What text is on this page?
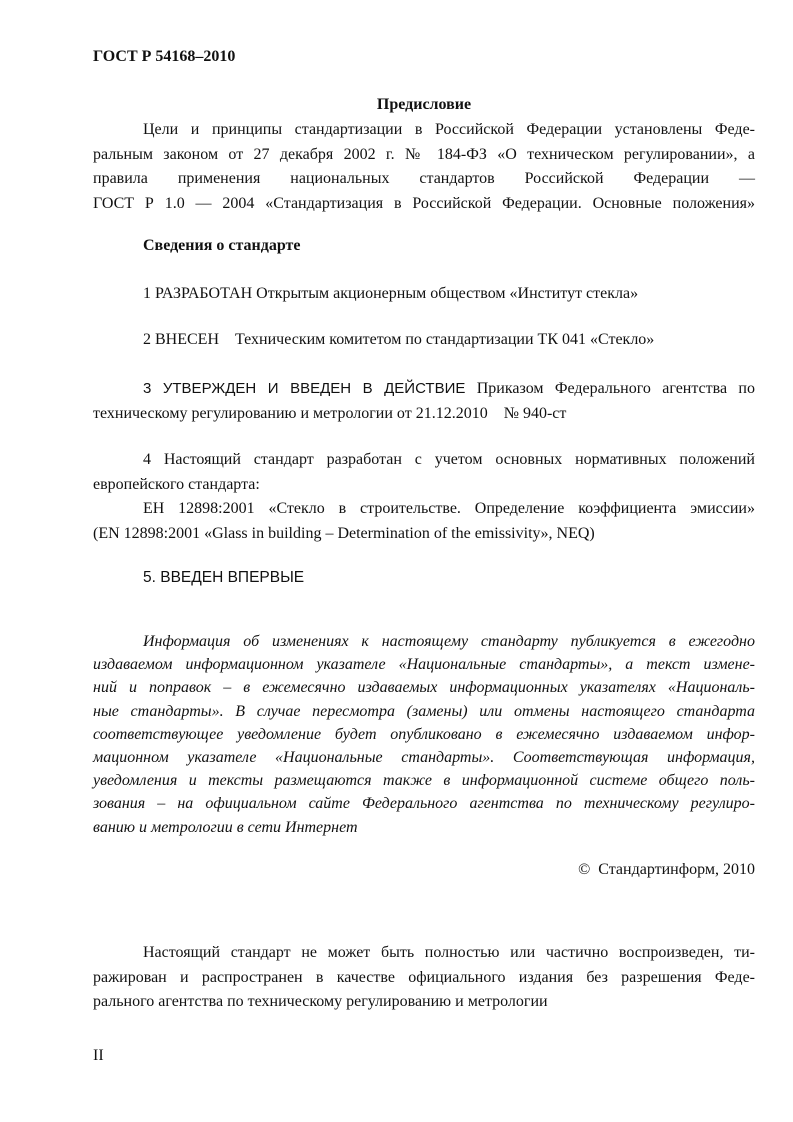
ГОСТ Р 54168–2010
Предисловие
Цели и принципы стандартизации в Российской Федерации установлены Феде-
ральным законом от 27 декабря 2002 г. № 184-ФЗ «О техническом регулировании», а
правила применения национальных стандартов Российской Федерации —
ГОСТ Р 1.0 — 2004 «Стандартизация в Российской Федерации. Основные положения»
Сведения о стандарте
1 РАЗРАБОТАН Открытым акционерным обществом «Институт стекла»
2 ВНЕСЕН    Техническим комитетом по стандартизации ТК 041 «Стекло»
3 УТВЕРЖДЕН И ВВЕДЕН В ДЕЙСТВИЕ Приказом Федерального агентства по
техническому регулированию и метрологии от 21.12.2010    № 940-ст
4 Настоящий стандарт разработан с учетом основных нормативных положений
европейского стандарта:
ЕН 12898:2001 «Стекло в строительстве. Определение коэффициента эмиссии»
(EN 12898:2001 «Glass in building – Determination of the emissivity», NEQ)
5. ВВЕДЕН ВПЕРВЫЕ
Информация об изменениях к настоящему стандарту публикуется в ежегодно
издаваемом информационном указателе «Национальные стандарты», а текст измене-
ний и поправок – в ежемесячно издаваемых информационных указателях «Националь-
ные стандарты». В случае пересмотра (замены) или отмены настоящего стандарта
соответствующее уведомление будет опубликовано в ежемесячно издаваемом инфор-
мационном указателе «Национальные стандарты». Соответствующая информация,
уведомления и тексты размещаются также в информационной системе общего поль-
зования – на официальном сайте Федерального агентства по техническому регулиро-
ванию и метрологии в сети Интернет
©  Стандартинформ, 2010
Настоящий стандарт не может быть полностью или частично воспроизведен, ти-
ражирован и распространен в качестве официального издания без разрешения Феде-
рального агентства по техническому регулированию и метрологии
II
